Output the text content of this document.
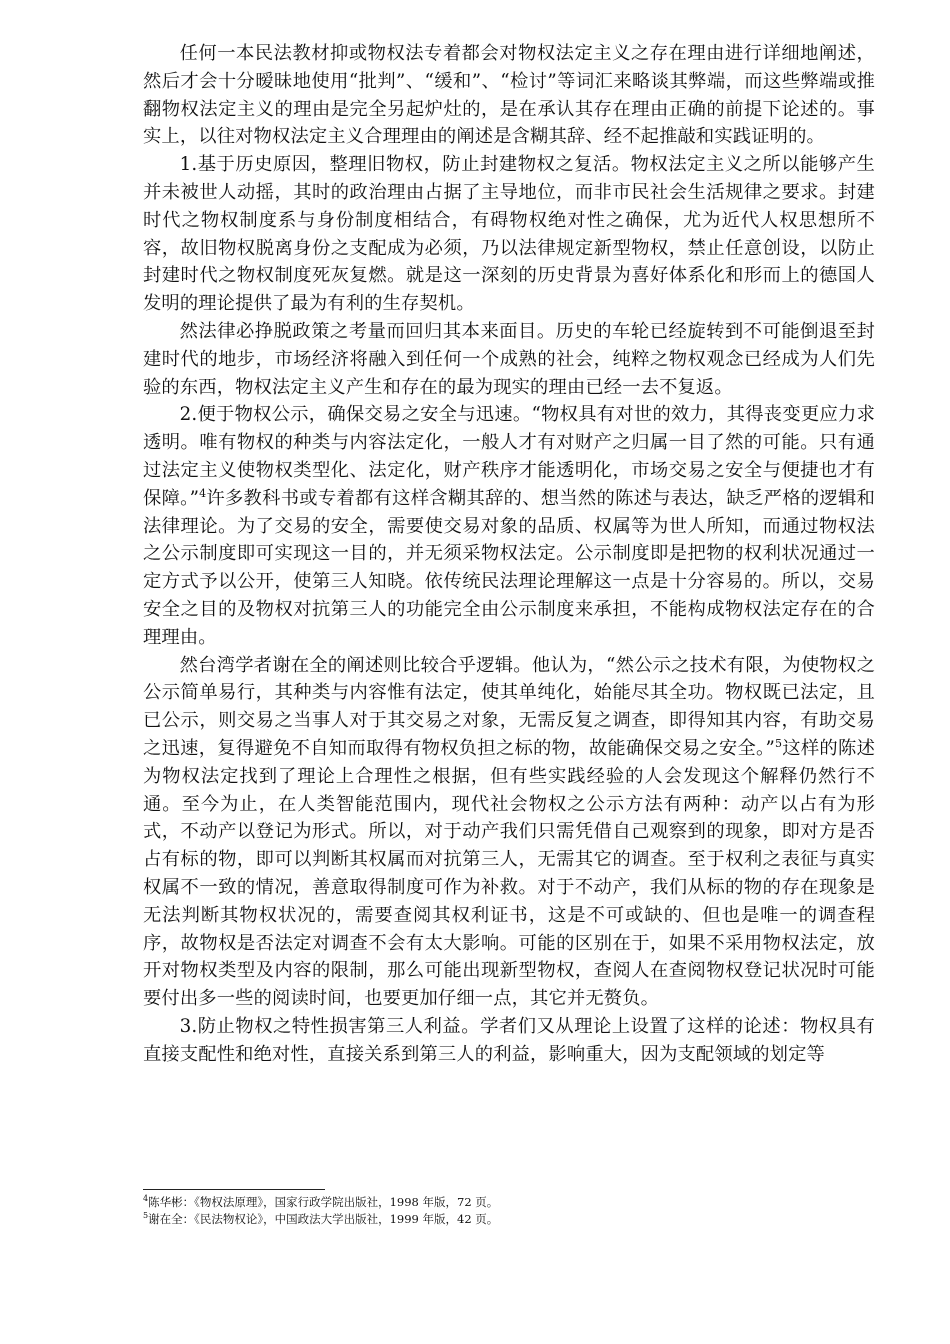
任何一本民法教材抑或物权法专着都会对物权法定主义之存在理由进行详细地阐述，然后才会十分暧昧地使用“批判”、“缓和”、“检讨”等词汇来略谈其弊端，而这些弊端或推翻物权法定主义的理由是完全另起炉灶的，是在承认其存在理由正确的前提下论述的。事实上，以往对物权法定主义合理理由的阐述是含糊其辞、经不起推敲和实践证明的。

1.基于历史原因，整理旧物权，防止封建物权之复活。物权法定主义之所以能够产生并未被世人动摇，其时的政治理由占据了主导地位，而非市民社会生活规律之要求。封建时代之物权制度系与身份制度相结合，有碍物权绝对性之确保，尤为近代人权思想所不容，故旧物权脱离身份之支配成为必须，乃以法律规定新型物权，禁止任意创设，以防止封建时代之物权制度死灰复燃。就是这一深刻的历史背景为喜好体系化和形而上的德国人发明的理论提供了最为有利的生存契机。

然法律必挣脱政策之考量而回归其本来面目。历史的车轮已经旋转到不可能倒退至封建时代的地步，市场经济将融入到任何一个成熟的社会，纯粹之物权观念已经成为人们先验的东西，物权法定主义产生和存在的最为现实的理由已经一去不复返。

2.便于物权公示，确保交易之安全与迅速。“物权具有对世的效力，其得丧变更应力求透明。唯有物权的种类与内容法定化，一般人才有对财产之归属一目了然的可能。只有通过法定主义使物权类型化、法定化，财产秩序才能透明化，市场交易之安全与便捷也才有保障。”$^4$许多教科书或专着都有这样含糊其辞的、想当然的陈述与表达，缺乏严格的逻辑和法律理论。为了交易的安全，需要使交易对象的品质、权属等为世人所知，而通过物权法之公示制度即可实现这一目的，并无须采物权法定。公示制度即是把物的权利状况通过一定方式予以公开，使第三人知晓。依传统民法理论理解这一点是十分容易的。所以，交易安全之目的及物权对抗第三人的功能完全由公示制度来承担，不能构成物权法定存在的合理理由。

然台湾学者谢在全的阐述则比较合乎逻辑。他认为，“然公示之技术有限，为使物权之公示简单易行，其种类与内容惟有法定，使其单纯化，始能尽其全功。物权既已法定，且已公示，则交易之当事人对于其交易之对象，无需反复之调查，即得知其内容，有助交易之迅速，复得避免不自知而取得有物权负担之标的物，故能确保交易之安全。”$^5$这样的陈述为物权法定找到了理论上合理性之根据，但有些实践经验的人会发现这个解释仍然行不通。至今为止，在人类智能范围内，现代社会物权之公示方法有两种：动产以占有为形式，不动产以登记为形式。所以，对于动产我们只需凭借自己观察到的现象，即对方是否占有标的物，即可以判断其权属而对抗第三人，无需其它的调查。至于权利之表征与真实权属不一致的情况，善意取得制度可作为补救。对于不动产，我们从标的物的存在现象是无法判断其物权状况的，需要查阅其权利证书，这是不可或缺的、但也是唯一的调查程序，故物权是否法定对调查不会有太大影响。可能的区别在于，如果不采用物权法定，放开对物权类型及内容的限制，那么可能出现新型物权，查阅人在查阅物权登记状况时可能要付出多一些的阅读时间，也要更加仔细一点，其它并无赘负。

3.防止物权之特性损害第三人利益。学者们又从理论上设置了这样的论述：物权具有直接支配性和绝对性，直接关系到第三人的利益，影响重大，因为支配领域的划定等

$^4$陈华彬：《物权法原理》，国家行政学院出版社，1998 年版，72 页。

$^5$谢在全：《民法物权论》，中国政法大学出版社，1999 年版，42 页。
